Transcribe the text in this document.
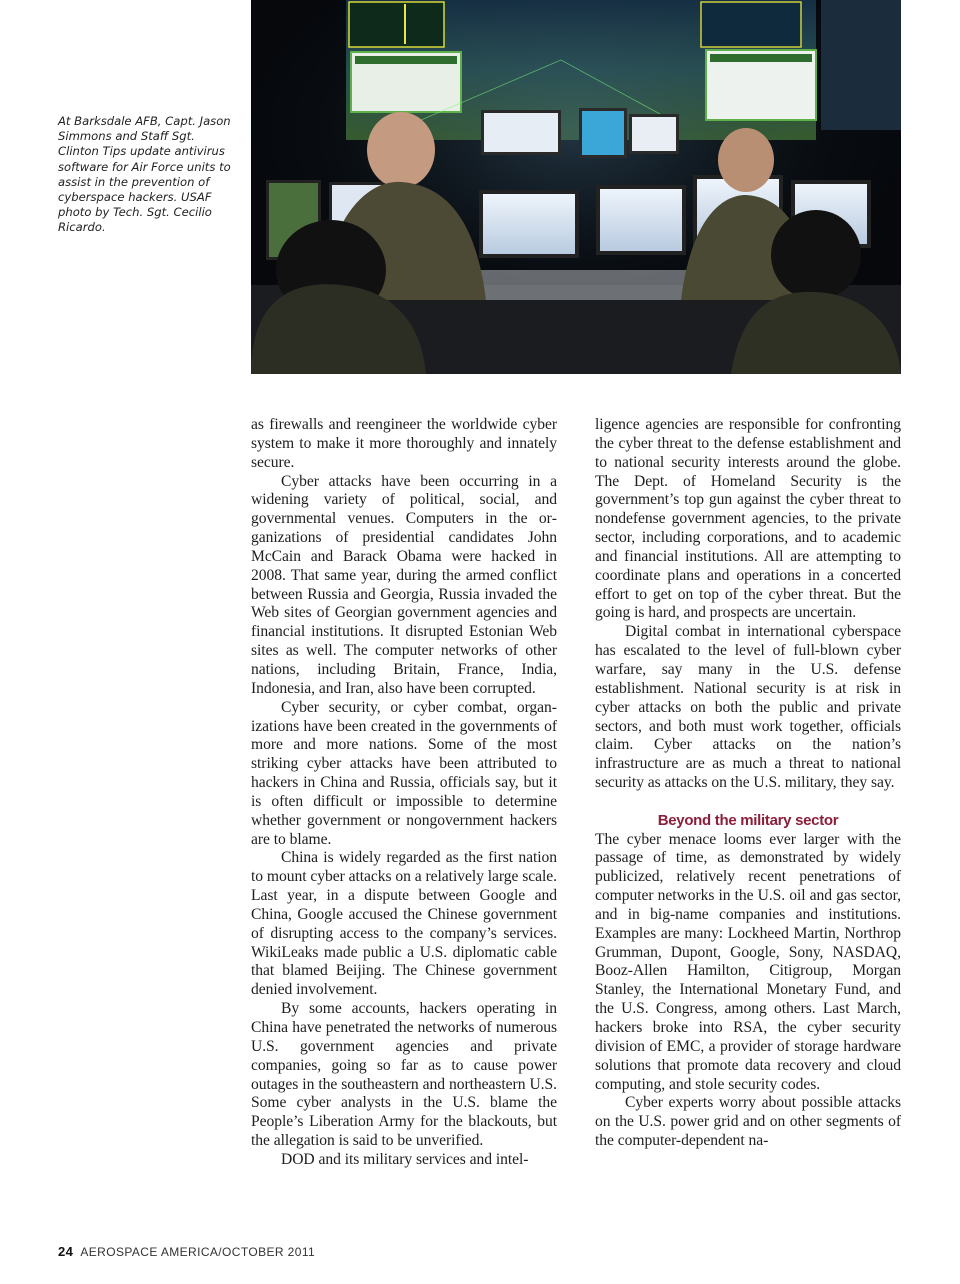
At Barksdale AFB, Capt. Jason Simmons and Staff Sgt. Clinton Tips update antivirus software for Air Force units to assist in the prevention of cyberspace hackers. USAF photo by Tech. Sgt. Cecilio Ricardo.

as firewalls and reengineer the worldwide cyber system to make it more thoroughly and innately secure.

Cyber attacks have been occurring in a widening variety of political, social, and governmental venues. Computers in the organizations of presidential candidates John McCain and Barack Obama were hacked in 2008. That same year, during the armed conflict between Russia and Georgia, Russia invaded the Web sites of Georgian government agencies and financial institutions. It disrupted Estonian Web sites as well. The computer networks of other nations, including Britain, France, India, Indonesia, and Iran, also have been corrupted.

Cyber security, or cyber combat, organizations have been created in the governments of more and more nations. Some of the most striking cyber attacks have been attributed to hackers in China and Russia, officials say, but it is often difficult or impossible to determine whether government or nongovernment hackers are to blame.

China is widely regarded as the first nation to mount cyber attacks on a relatively large scale. Last year, in a dispute between Google and China, Google accused the Chinese government of disrupting access to the company’s services. WikiLeaks made public a U.S. diplomatic cable that blamed Beijing. The Chinese government denied involvement.

By some accounts, hackers operating in China have penetrated the networks of numerous U.S. government agencies and private companies, going so far as to cause power outages in the southeastern and northeastern U.S. Some cyber analysts in the U.S. blame the People’s Liberation Army for the blackouts, but the allegation is said to be unverified.

DOD and its military services and intel-

ligence agencies are responsible for confronting the cyber threat to the defense establishment and to national security interests around the globe. The Dept. of Homeland Security is the government’s top gun against the cyber threat to nondefense government agencies, to the private sector, including corporations, and to academic and financial institutions. All are attempting to coordinate plans and operations in a concerted effort to get on top of the cyber threat. But the going is hard, and prospects are uncertain.

Digital combat in international cyberspace has escalated to the level of full-blown cyber warfare, say many in the U.S. defense establishment. National security is at risk in cyber attacks on both the public and private sectors, and both must work together, officials claim. Cyber attacks on the nation’s infrastructure are as much a threat to national security as attacks on the U.S. military, they say.

Beyond the military sector

The cyber menace looms ever larger with the passage of time, as demonstrated by widely publicized, relatively recent penetrations of computer networks in the U.S. oil and gas sector, and in big-name companies and institutions. Examples are many: Lockheed Martin, Northrop Grumman, Dupont, Google, Sony, NASDAQ, Booz-Allen Hamilton, Citigroup, Morgan Stanley, the International Monetary Fund, and the U.S. Congress, among others. Last March, hackers broke into RSA, the cyber security division of EMC, a provider of storage hardware solutions that promote data recovery and cloud computing, and stole security codes.

Cyber experts worry about possible attacks on the U.S. power grid and on other segments of the computer-dependent na-

24 AEROSPACE AMERICA/OCTOBER 2011
